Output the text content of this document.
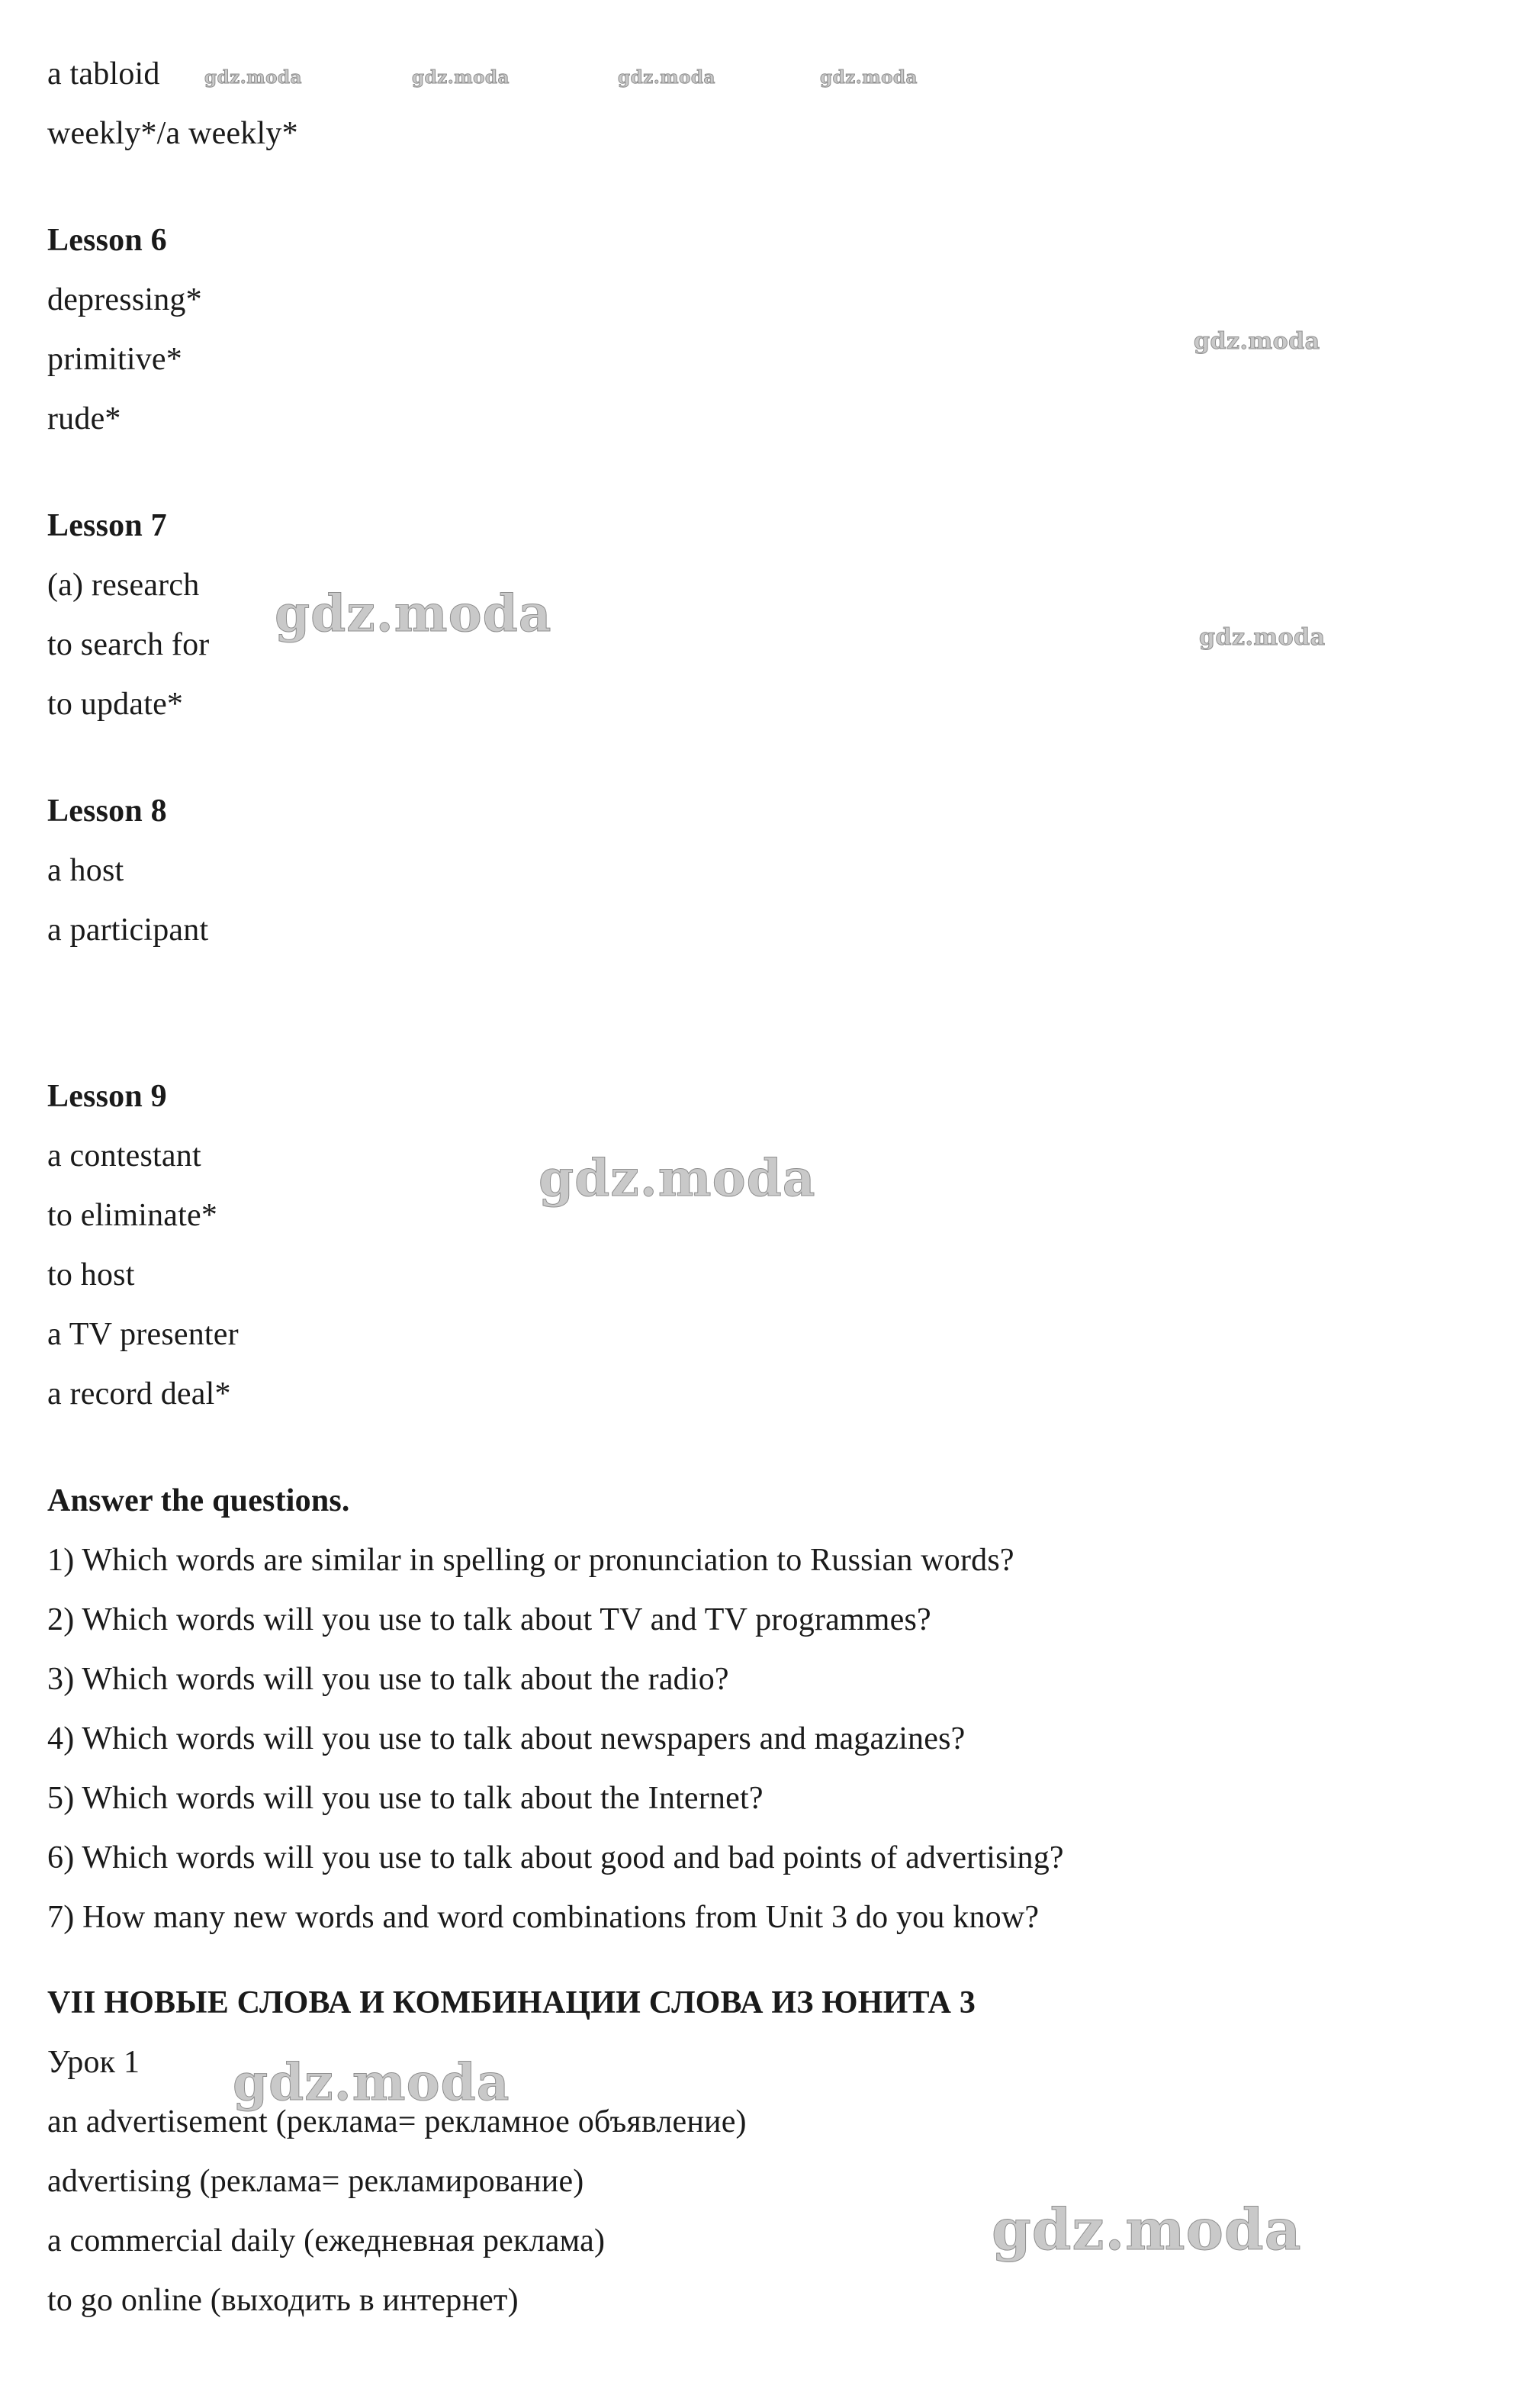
a tabloid
weekly*/a weekly*
Lesson 6
depressing*
primitive*
rude*
Lesson 7
(a) research
to search for
to update*
Lesson 8
a host
a participant
Lesson 9
a contestant
to eliminate*
to host
a TV presenter
a record deal*
Answer the questions.
1) Which words are similar in spelling or pronunciation to Russian words?
2) Which words will you use to talk about TV and TV programmes?
3) Which words will you use to talk about the radio?
4) Which words will you use to talk about newspapers and magazines?
5) Which words will you use to talk about the Internet?
6) Which words will you use to talk about good and bad points of advertising?
7) How many new words and word combinations from Unit 3 do you know?
VII НОВЫЕ СЛОВА И КОМБИНАЦИИ СЛОВА ИЗ ЮНИТА 3
Урок 1
an advertisement (реклама= рекламное объявление)
advertising (реклама= рекламирование)
a commercial daily (ежедневная реклама)
to go online (выходить в интернет)
gdz.moda	gdz.moda	gdz.moda	gdz.moda
gdz.moda
gdz.moda	gdz.moda
gdz.moda
gdz.moda
gdz.moda
